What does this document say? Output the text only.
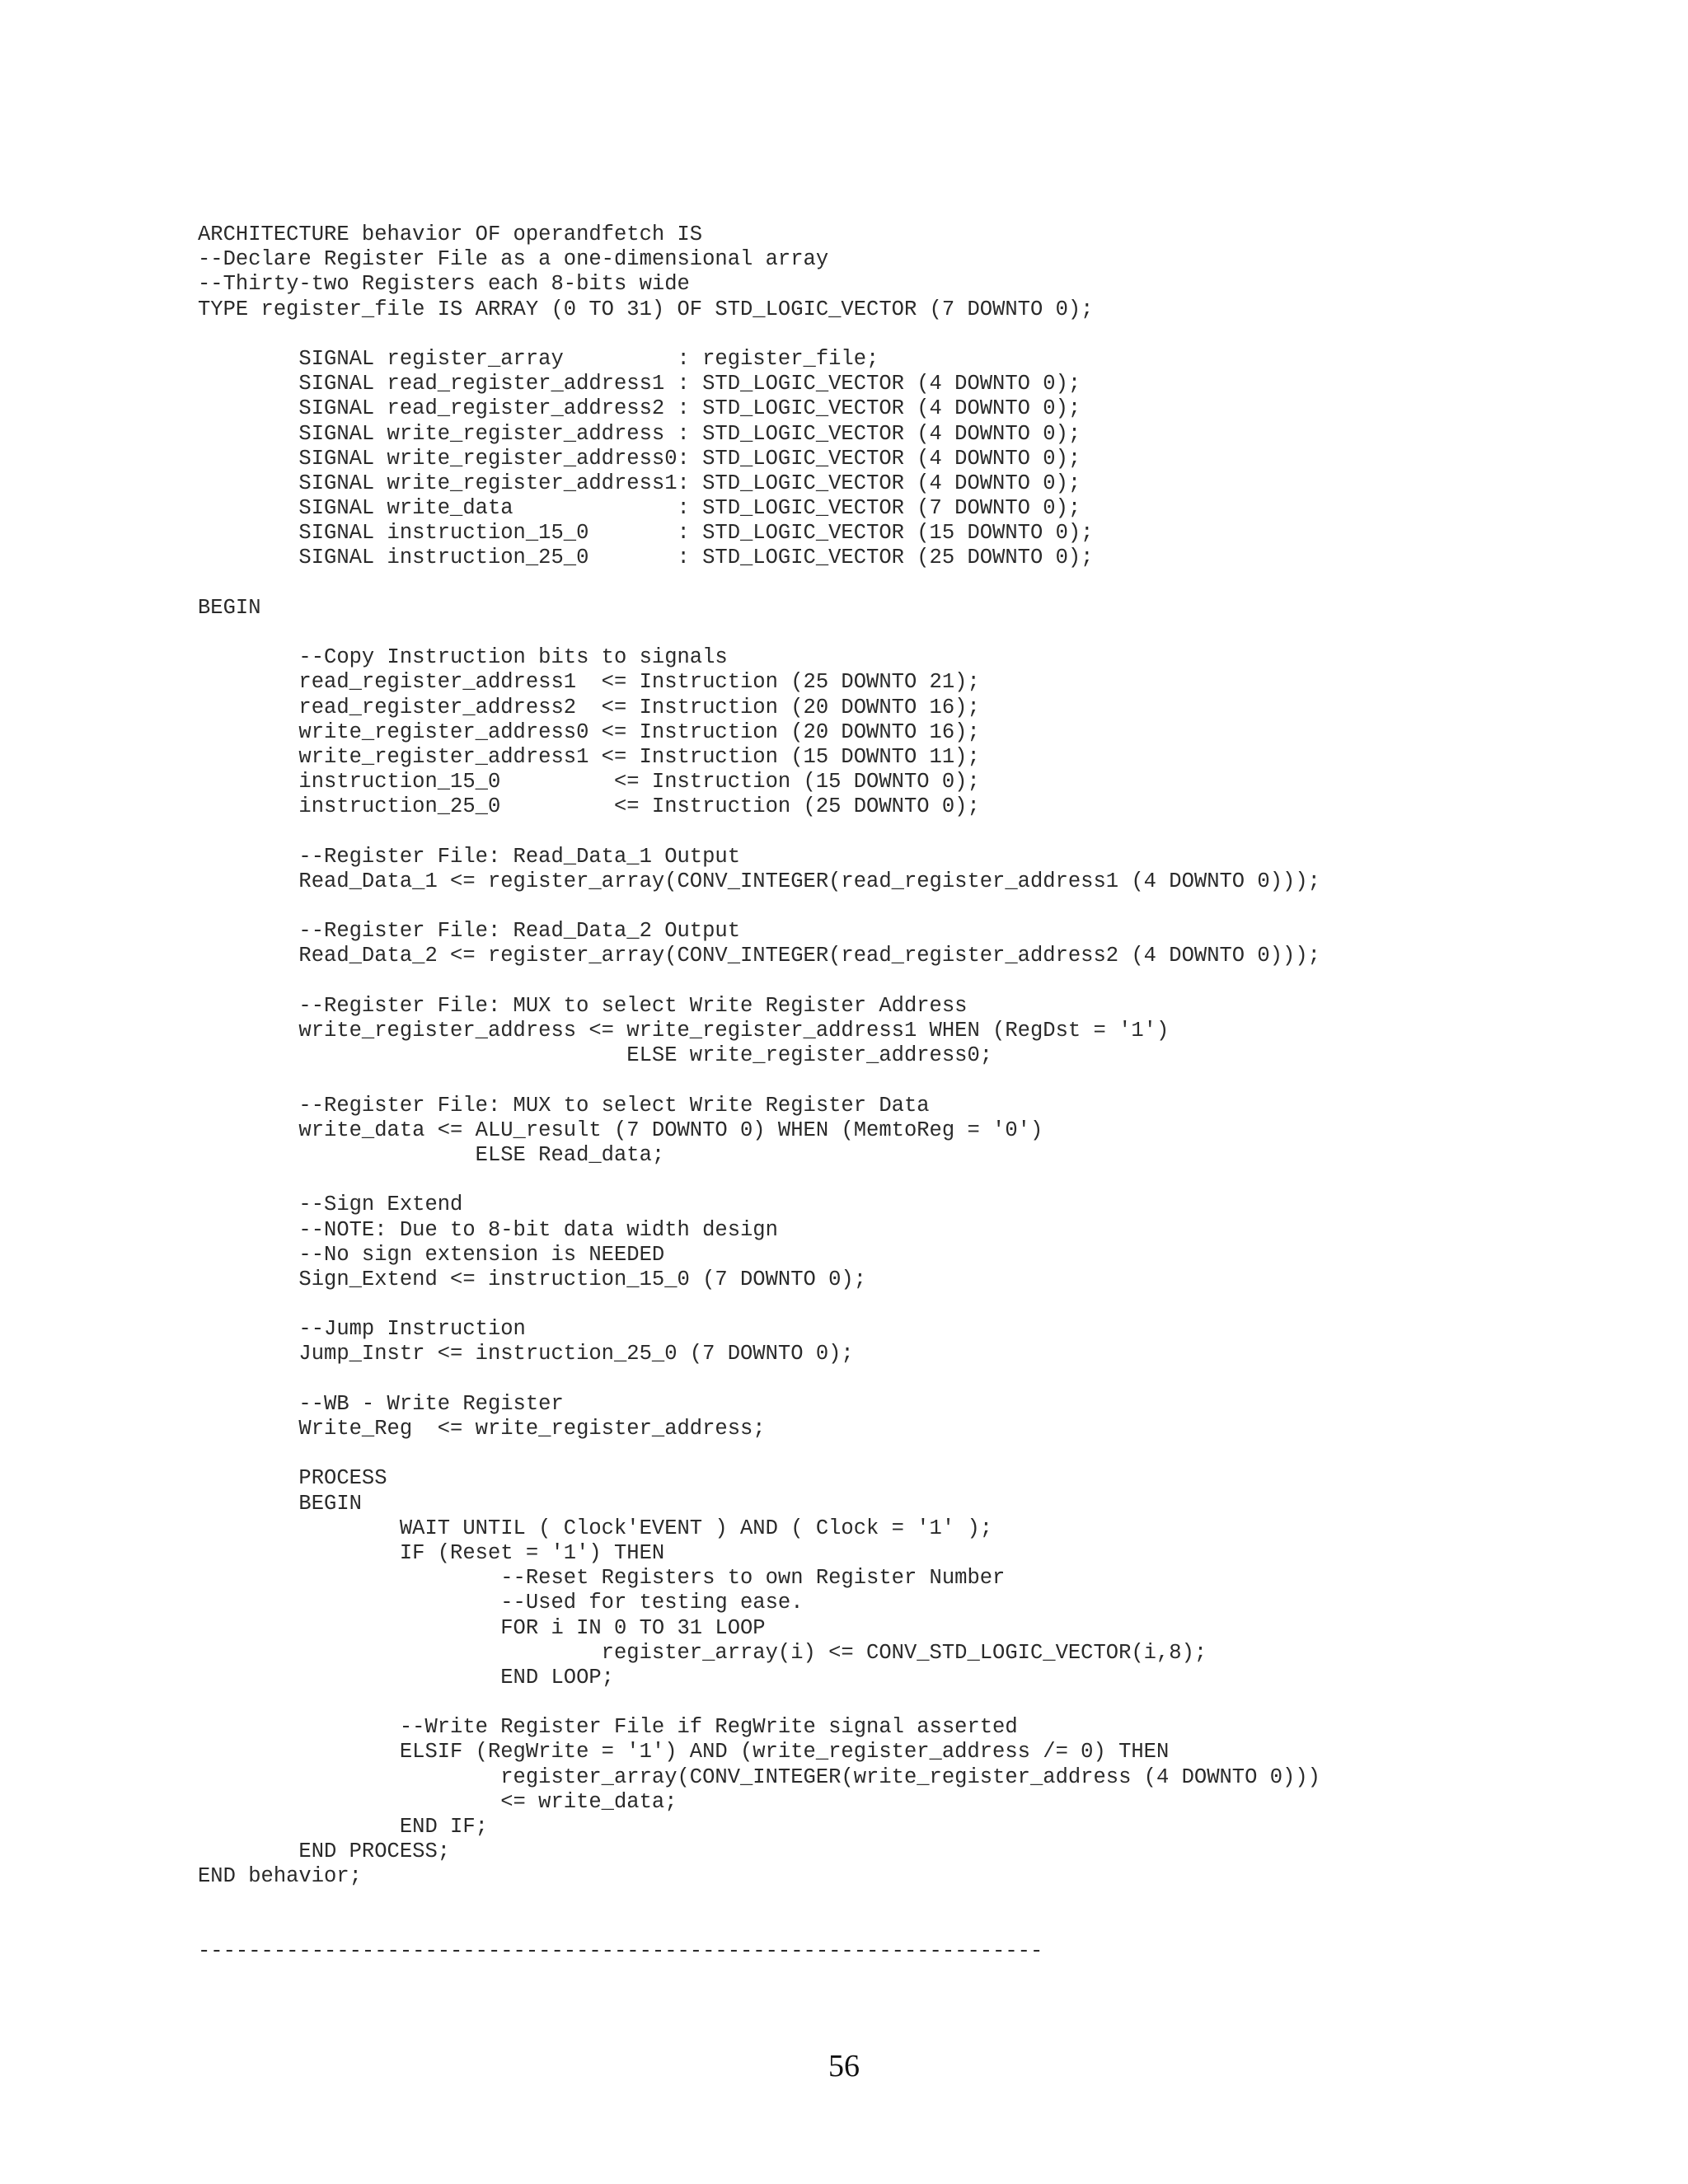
ARCHITECTURE behavior OF operandfetch IS
--Declare Register File as a one-dimensional array
--Thirty-two Registers each 8-bits wide
TYPE register_file IS ARRAY (0 TO 31) OF STD_LOGIC_VECTOR (7 DOWNTO 0);
SIGNAL register_array         : register_file;
SIGNAL read_register_address1 : STD_LOGIC_VECTOR (4 DOWNTO 0);
SIGNAL read_register_address2 : STD_LOGIC_VECTOR (4 DOWNTO 0);
SIGNAL write_register_address : STD_LOGIC_VECTOR (4 DOWNTO 0);
SIGNAL write_register_address0: STD_LOGIC_VECTOR (4 DOWNTO 0);
SIGNAL write_register_address1: STD_LOGIC_VECTOR (4 DOWNTO 0);
SIGNAL write_data             : STD_LOGIC_VECTOR (7 DOWNTO 0);
SIGNAL instruction_15_0       : STD_LOGIC_VECTOR (15 DOWNTO 0);
SIGNAL instruction_25_0       : STD_LOGIC_VECTOR (25 DOWNTO 0);
BEGIN
--Copy Instruction bits to signals
read_register_address1  <= Instruction (25 DOWNTO 21);
read_register_address2  <= Instruction (20 DOWNTO 16);
write_register_address0 <= Instruction (20 DOWNTO 16);
write_register_address1 <= Instruction (15 DOWNTO 11);
instruction_15_0         <= Instruction (15 DOWNTO 0);
instruction_25_0         <= Instruction (25 DOWNTO 0);
--Register File: Read_Data_1 Output
Read_Data_1 <= register_array(CONV_INTEGER(read_register_address1 (4 DOWNTO 0)));
--Register File: Read_Data_2 Output
Read_Data_2 <= register_array(CONV_INTEGER(read_register_address2 (4 DOWNTO 0)));
--Register File: MUX to select Write Register Address
write_register_address <= write_register_address1 WHEN (RegDst = '1')
ELSE write_register_address0;
--Register File: MUX to select Write Register Data
write_data <= ALU_result (7 DOWNTO 0) WHEN (MemtoReg = '0')
ELSE Read_data;
--Sign Extend
--NOTE: Due to 8-bit data width design
--No sign extension is NEEDED
Sign_Extend <= instruction_15_0 (7 DOWNTO 0);
--Jump Instruction
Jump_Instr <= instruction_25_0 (7 DOWNTO 0);
--WB - Write Register
Write_Reg  <= write_register_address;
PROCESS
BEGIN
WAIT UNTIL ( Clock'EVENT ) AND ( Clock = '1' );
IF (Reset = '1') THEN
--Reset Registers to own Register Number
--Used for testing ease.
FOR i IN 0 TO 31 LOOP
register_array(i) <= CONV_STD_LOGIC_VECTOR(i,8);
END LOOP;
--Write Register File if RegWrite signal asserted
ELSIF (RegWrite = '1') AND (write_register_address /= 0) THEN
register_array(CONV_INTEGER(write_register_address (4 DOWNTO 0)))
<= write_data;
END IF;
END PROCESS;
END behavior;
-------------------------------------------------------------------
56
